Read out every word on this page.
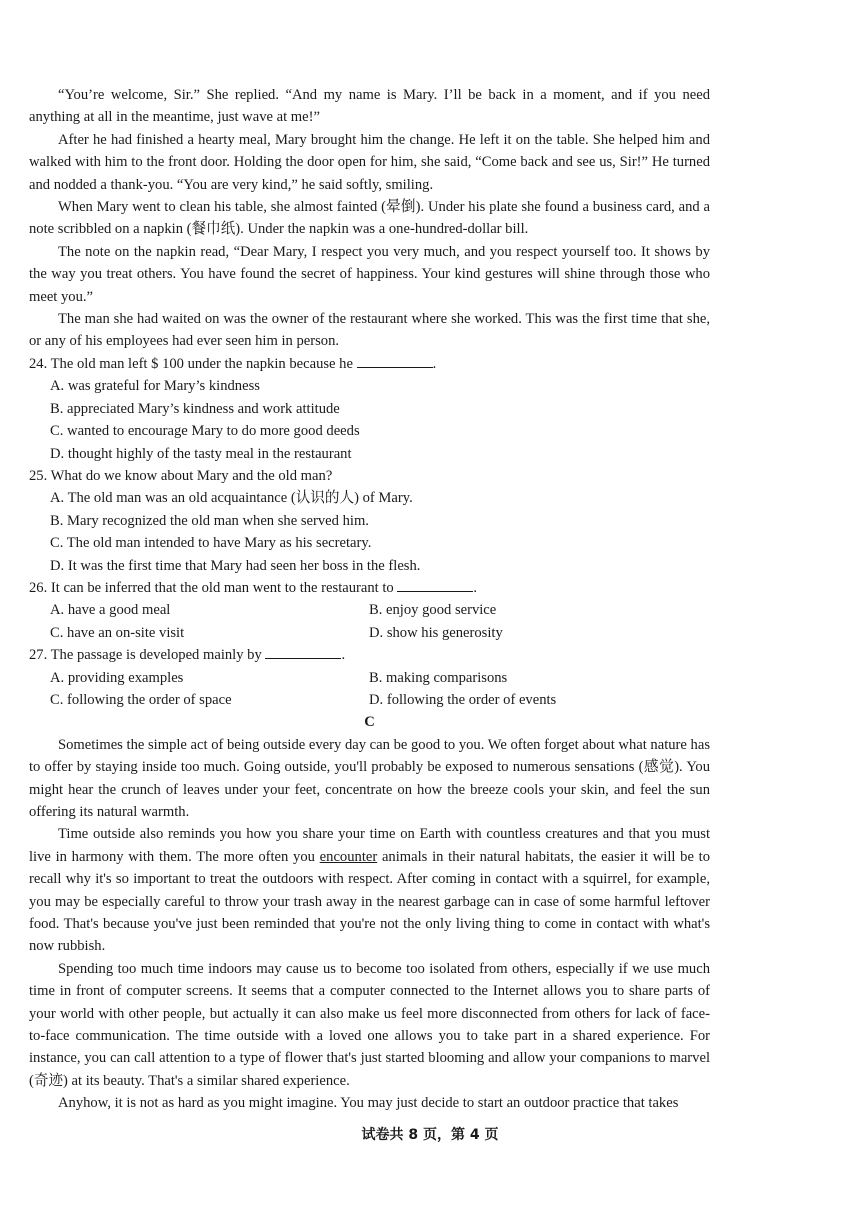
“You’re welcome, Sir.” She replied. “And my name is Mary. I’ll be back in a moment, and if you need anything at all in the meantime, just wave at me!”

After he had finished a hearty meal, Mary brought him the change. He left it on the table. She helped him and walked with him to the front door. Holding the door open for him, she said, “Come back and see us, Sir!” He turned and nodded a thank-you. “You are very kind,” he said softly, smiling.

When Mary went to clean his table, she almost fainted (晕倒). Under his plate she found a business card, and a note scribbled on a napkin (餐巾纸). Under the napkin was a one-hundred-dollar bill.

The note on the napkin read, “Dear Mary, I respect you very much, and you respect yourself too. It shows by the way you treat others. You have found the secret of happiness. Your kind gestures will shine through those who meet you.”

The man she had waited on was the owner of the restaurant where she worked. This was the first time that she, or any of his employees had ever seen him in person.

24. The old man left $ 100 under the napkin because he	.

A. was grateful for Mary’s kindness

B. appreciated Mary’s kindness and work attitude

C. wanted to encourage Mary to do more good deeds

D. thought highly of the tasty meal in the restaurant

25. What do we know about Mary and the old man?

A. The old man was an old acquaintance (认识的人) of Mary.

B. Mary recognized the old man when she served him.

C. The old man intended to have Mary as his secretary.

D. It was the first time that Mary had seen her boss in the flesh.

26. It can be inferred that the old man went to the restaurant to	.

A. have a good meal	B. enjoy good service

C. have an on-site visit	D. show his generosity

27. The passage is developed mainly by	.

A. providing examples	B. making comparisons

C. following the order of space	D. following the order of events

C

Sometimes the simple act of being outside every day can be good to you. We often forget about what nature has to offer by staying inside too much. Going outside, you'll probably be exposed to numerous sensations (感觉). You might hear the crunch of leaves under your feet, concentrate on how the breeze cools your skin, and feel the sun offering its natural warmth.

Time outside also reminds you how you share your time on Earth with countless creatures and that you must live in harmony with them. The more often you encounter animals in their natural habitats, the easier it will be to recall why it's so important to treat the outdoors with respect. After coming in contact with a squirrel, for example, you may be especially careful to throw your trash away in the nearest garbage can in case of some harmful leftover food. That's because you've just been reminded that you're not the only living thing to come in contact with what's now rubbish.

Spending too much time indoors may cause us to become too isolated from others, especially if we use much time in front of computer screens. It seems that a computer connected to the Internet allows you to share parts of your world with other people, but actually it can also make us feel more disconnected from others for lack of face-to-face communication. The time outside with a loved one allows you to take part in a shared experience. For instance, you can call attention to a type of flower that's just started blooming and allow your companions to marvel (奇迹) at its beauty. That's a similar shared experience.

Anyhow, it is not as hard as you might imagine. You may just decide to start an outdoor practice that takes

试卷共 8 页，第 4 页
